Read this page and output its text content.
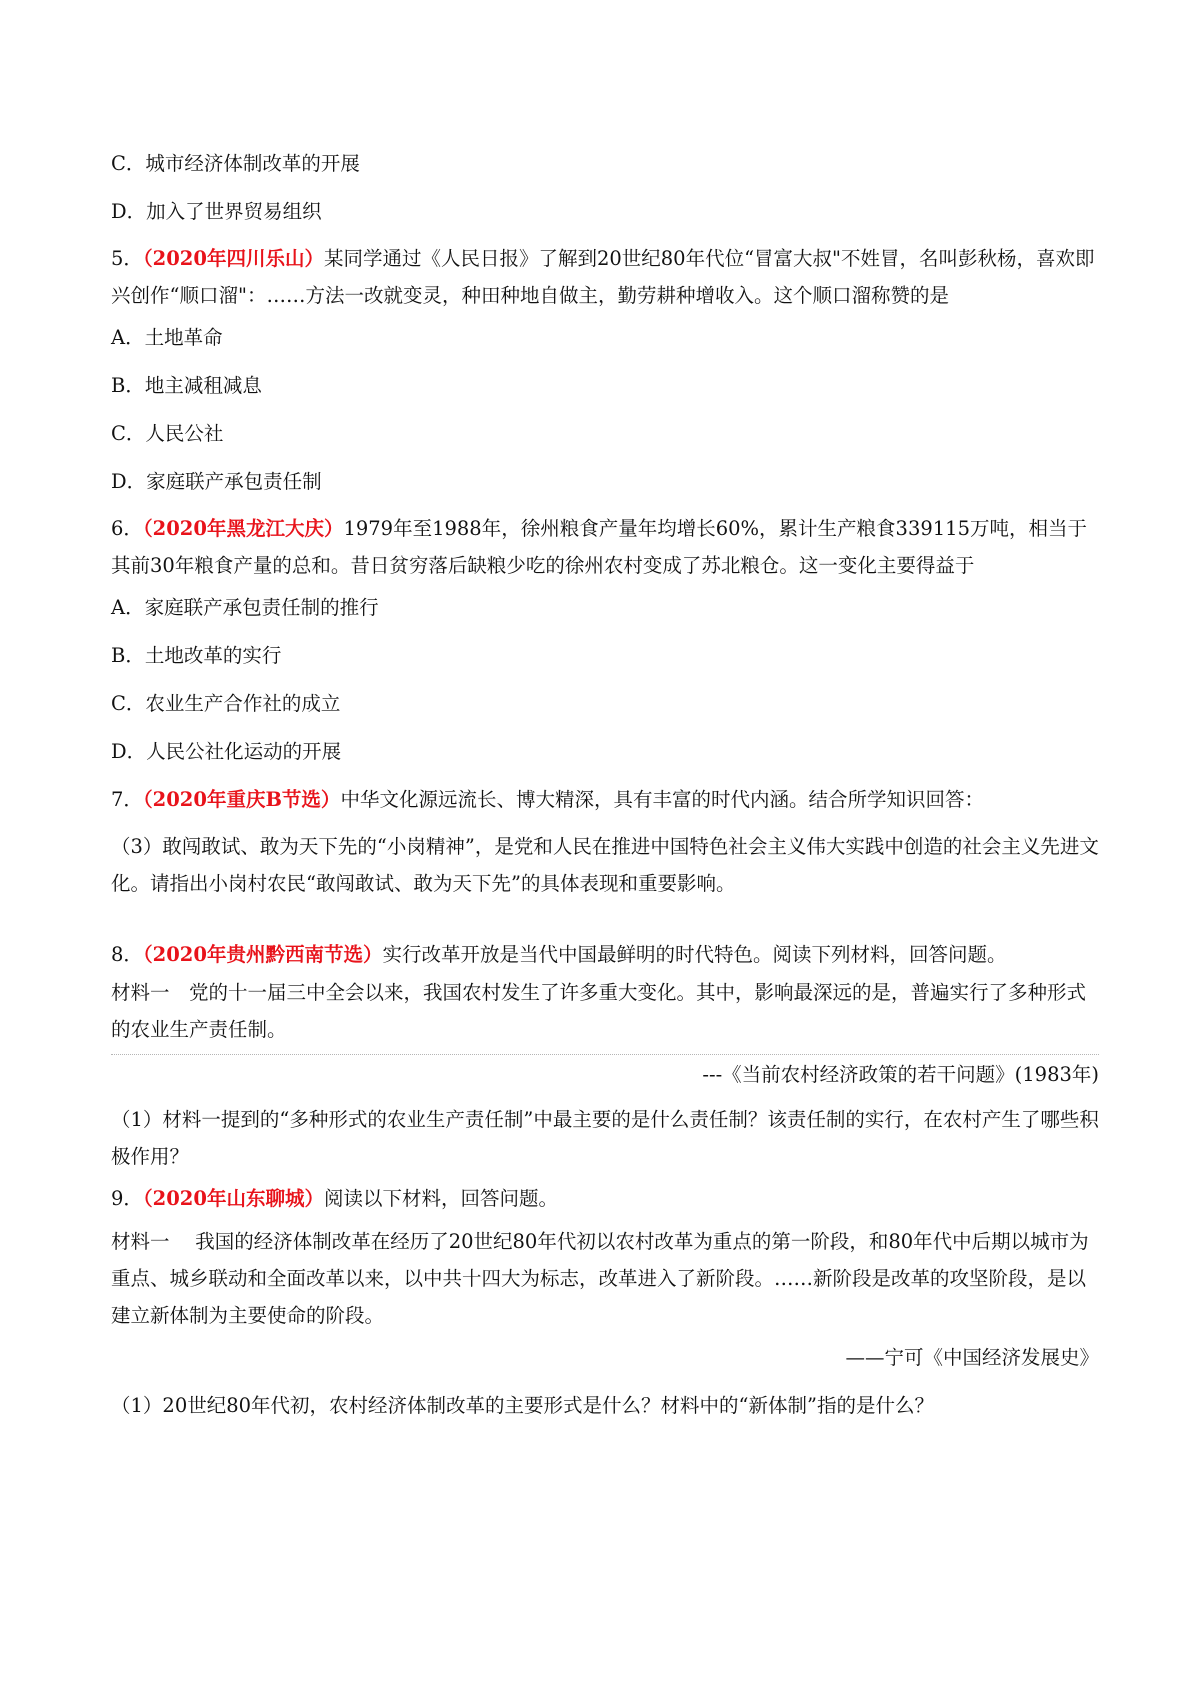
C．城市经济体制改革的开展
D．加入了世界贸易组织
5．（2020年四川乐山）某同学通过《人民日报》了解到20世纪80年代位“冒富大叔"不姓冒，名叫彭秋杨，喜欢即兴创作“顺口溜"：……方法一改就变灵，种田种地自做主，勤劳耕种增收入。这个顺口溜称赞的是
A．土地革命
B．地主减租减息
C．人民公社
D．家庭联产承包责任制
6．（2020年黑龙江大庆）1979年至1988年，徐州粮食产量年均增长60%，累计生产粮食339115万吨，相当于其前30年粮食产量的总和。昔日贫穷落后缺粮少吃的徐州农村变成了苏北粮仓。这一变化主要得益于
A．家庭联产承包责任制的推行
B．土地改革的实行
C．农业生产合作社的成立
D．人民公社化运动的开展
7．（2020年重庆B节选）中华文化源远流长、博大精深，具有丰富的时代内涵。结合所学知识回答：
（3）敢闯敢试、敢为天下先的“小岗精神”，是党和人民在推进中国特色社会主义伟大实践中创造的社会主义先进文化。请指出小岗村农民“敢闯敢试、敢为天下先”的具体表现和重要影响。
8．（2020年贵州黔西南节选）实行改革开放是当代中国最鲜明的时代特色。阅读下列材料，回答问题。
材料一　党的十一届三中全会以来，我国农村发生了许多重大变化。其中，影响最深远的是，普遍实行了多种形式的农业生产责任制。
---《当前农村经济政策的若干问题》(1983年)
（1）材料一提到的“多种形式的农业生产责任制”中最主要的是什么责任制？该责任制的实行，在农村产生了哪些积极作用？
9．（2020年山东聊城）阅读以下材料，回答问题。
材料一　 我国的经济体制改革在经历了20世纪80年代初以农村改革为重点的第一阶段，和80年代中后期以城市为重点、城乡联动和全面改革以来，以中共十四大为标志，改革进入了新阶段。……新阶段是改革的攻坚阶段，是以建立新体制为主要使命的阶段。
——宁可《中国经济发展史》
（1）20世纪80年代初，农村经济体制改革的主要形式是什么？材料中的“新体制”指的是什么？
